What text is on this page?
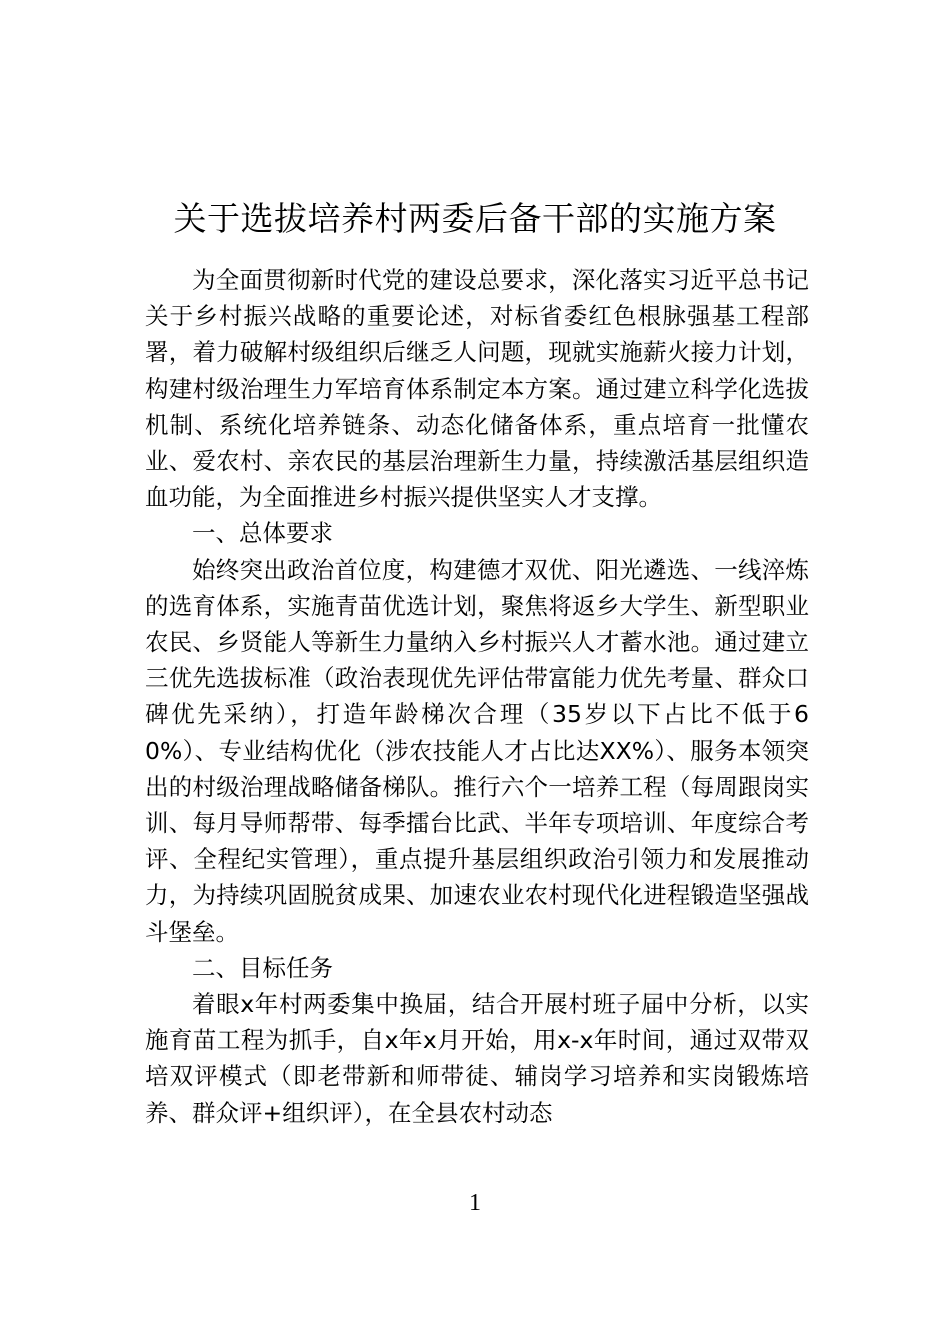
关于选拔培养村两委后备干部的实施方案

为全面贯彻新时代党的建设总要求，深化落实习近平总书记关于乡村振兴战略的重要论述，对标省委红色根脉强基工程部署，着力破解村级组织后继乏人问题，现就实施薪火接力计划，构建村级治理生力军培育体系制定本方案。通过建立科学化选拔机制、系统化培养链条、动态化储备体系，重点培育一批懂农业、爱农村、亲农民的基层治理新生力量，持续激活基层组织造血功能，为全面推进乡村振兴提供坚实人才支撑。

一、总体要求

始终突出政治首位度，构建德才双优、阳光遴选、一线淬炼的选育体系，实施青苗优选计划，聚焦将返乡大学生、新型职业农民、乡贤能人等新生力量纳入乡村振兴人才蓄水池。通过建立三优先选拔标准（政治表现优先评估带富能力优先考量、群众口碑优先采纳），打造年龄梯次合理（35岁以下占比不低于60%）、专业结构优化（涉农技能人才占比达XX%）、服务本领突出的村级治理战略储备梯队。推行六个一培养工程（每周跟岗实训、每月导师帮带、每季擂台比武、半年专项培训、年度综合考评、全程纪实管理），重点提升基层组织政治引领力和发展推动力，为持续巩固脱贫成果、加速农业农村现代化进程锻造坚强战斗堡垒。

二、目标任务

着眼x年村两委集中换届，结合开展村班子届中分析，以实施育苗工程为抓手，自x年x月开始，用x-x年时间，通过双带双培双评模式（即老带新和师带徒、辅岗学习培养和实岗锻炼培养、群众评+组织评），在全县农村动态

1
